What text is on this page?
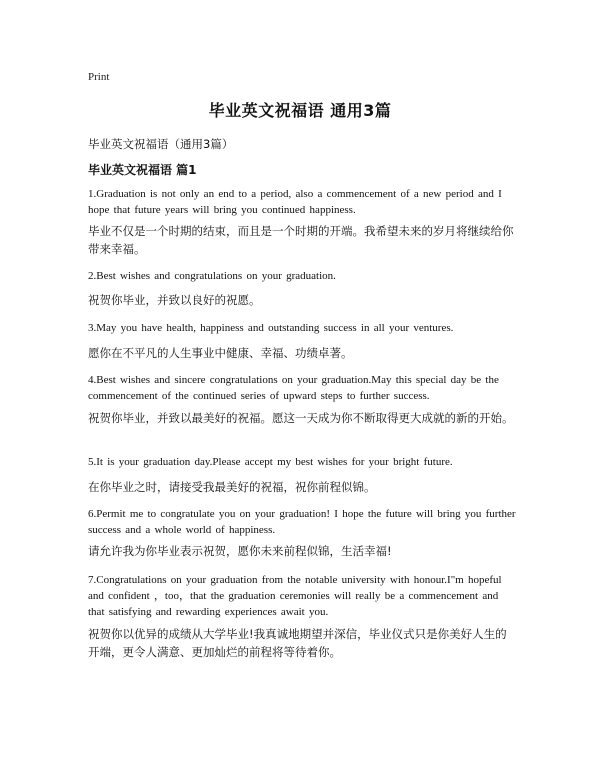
Print
毕业英文祝福语 通用3篇
毕业英文祝福语（通用3篇）
毕业英文祝福语 篇1
1.Graduation is not only an end to a period, also a commencement of a new period and I hope that future years will bring you continued happiness.
毕业不仅是一个时期的结束，而且是一个时期的开端。我希望未来的岁月将继续给你带来幸福。
2.Best wishes and congratulations on your graduation.
祝贺你毕业，并致以良好的祝愿。
3.May you have health, happiness and outstanding success in all your ventures.
愿你在不平凡的人生事业中健康、幸福、功绩卓著。
4.Best wishes and sincere congratulations on your graduation.May this special day be the commencement of the continued series of upward steps to further success.
祝贺你毕业，并致以最美好的祝福。愿这一天成为你不断取得更大成就的新的开始。
5.It is your graduation day.Please accept my best wishes for your bright future.
在你毕业之时，请接受我最美好的祝福，祝你前程似锦。
6.Permit me to congratulate you on your graduation! I hope the future will bring you further success and a whole world of happiness.
请允许我为你毕业表示祝贺，愿你未来前程似锦，生活幸福!
7.Congratulations on your graduation from the notable university with honour.I"m hopeful and confident ，too，that the graduation ceremonies will really be a commencement and that satisfying and rewarding experiences await you.
祝贺你以优异的成绩从大学毕业!我真诚地期望并深信，毕业仪式只是你美好人生的开端，更令人满意、更加灿烂的前程将等待着你。
